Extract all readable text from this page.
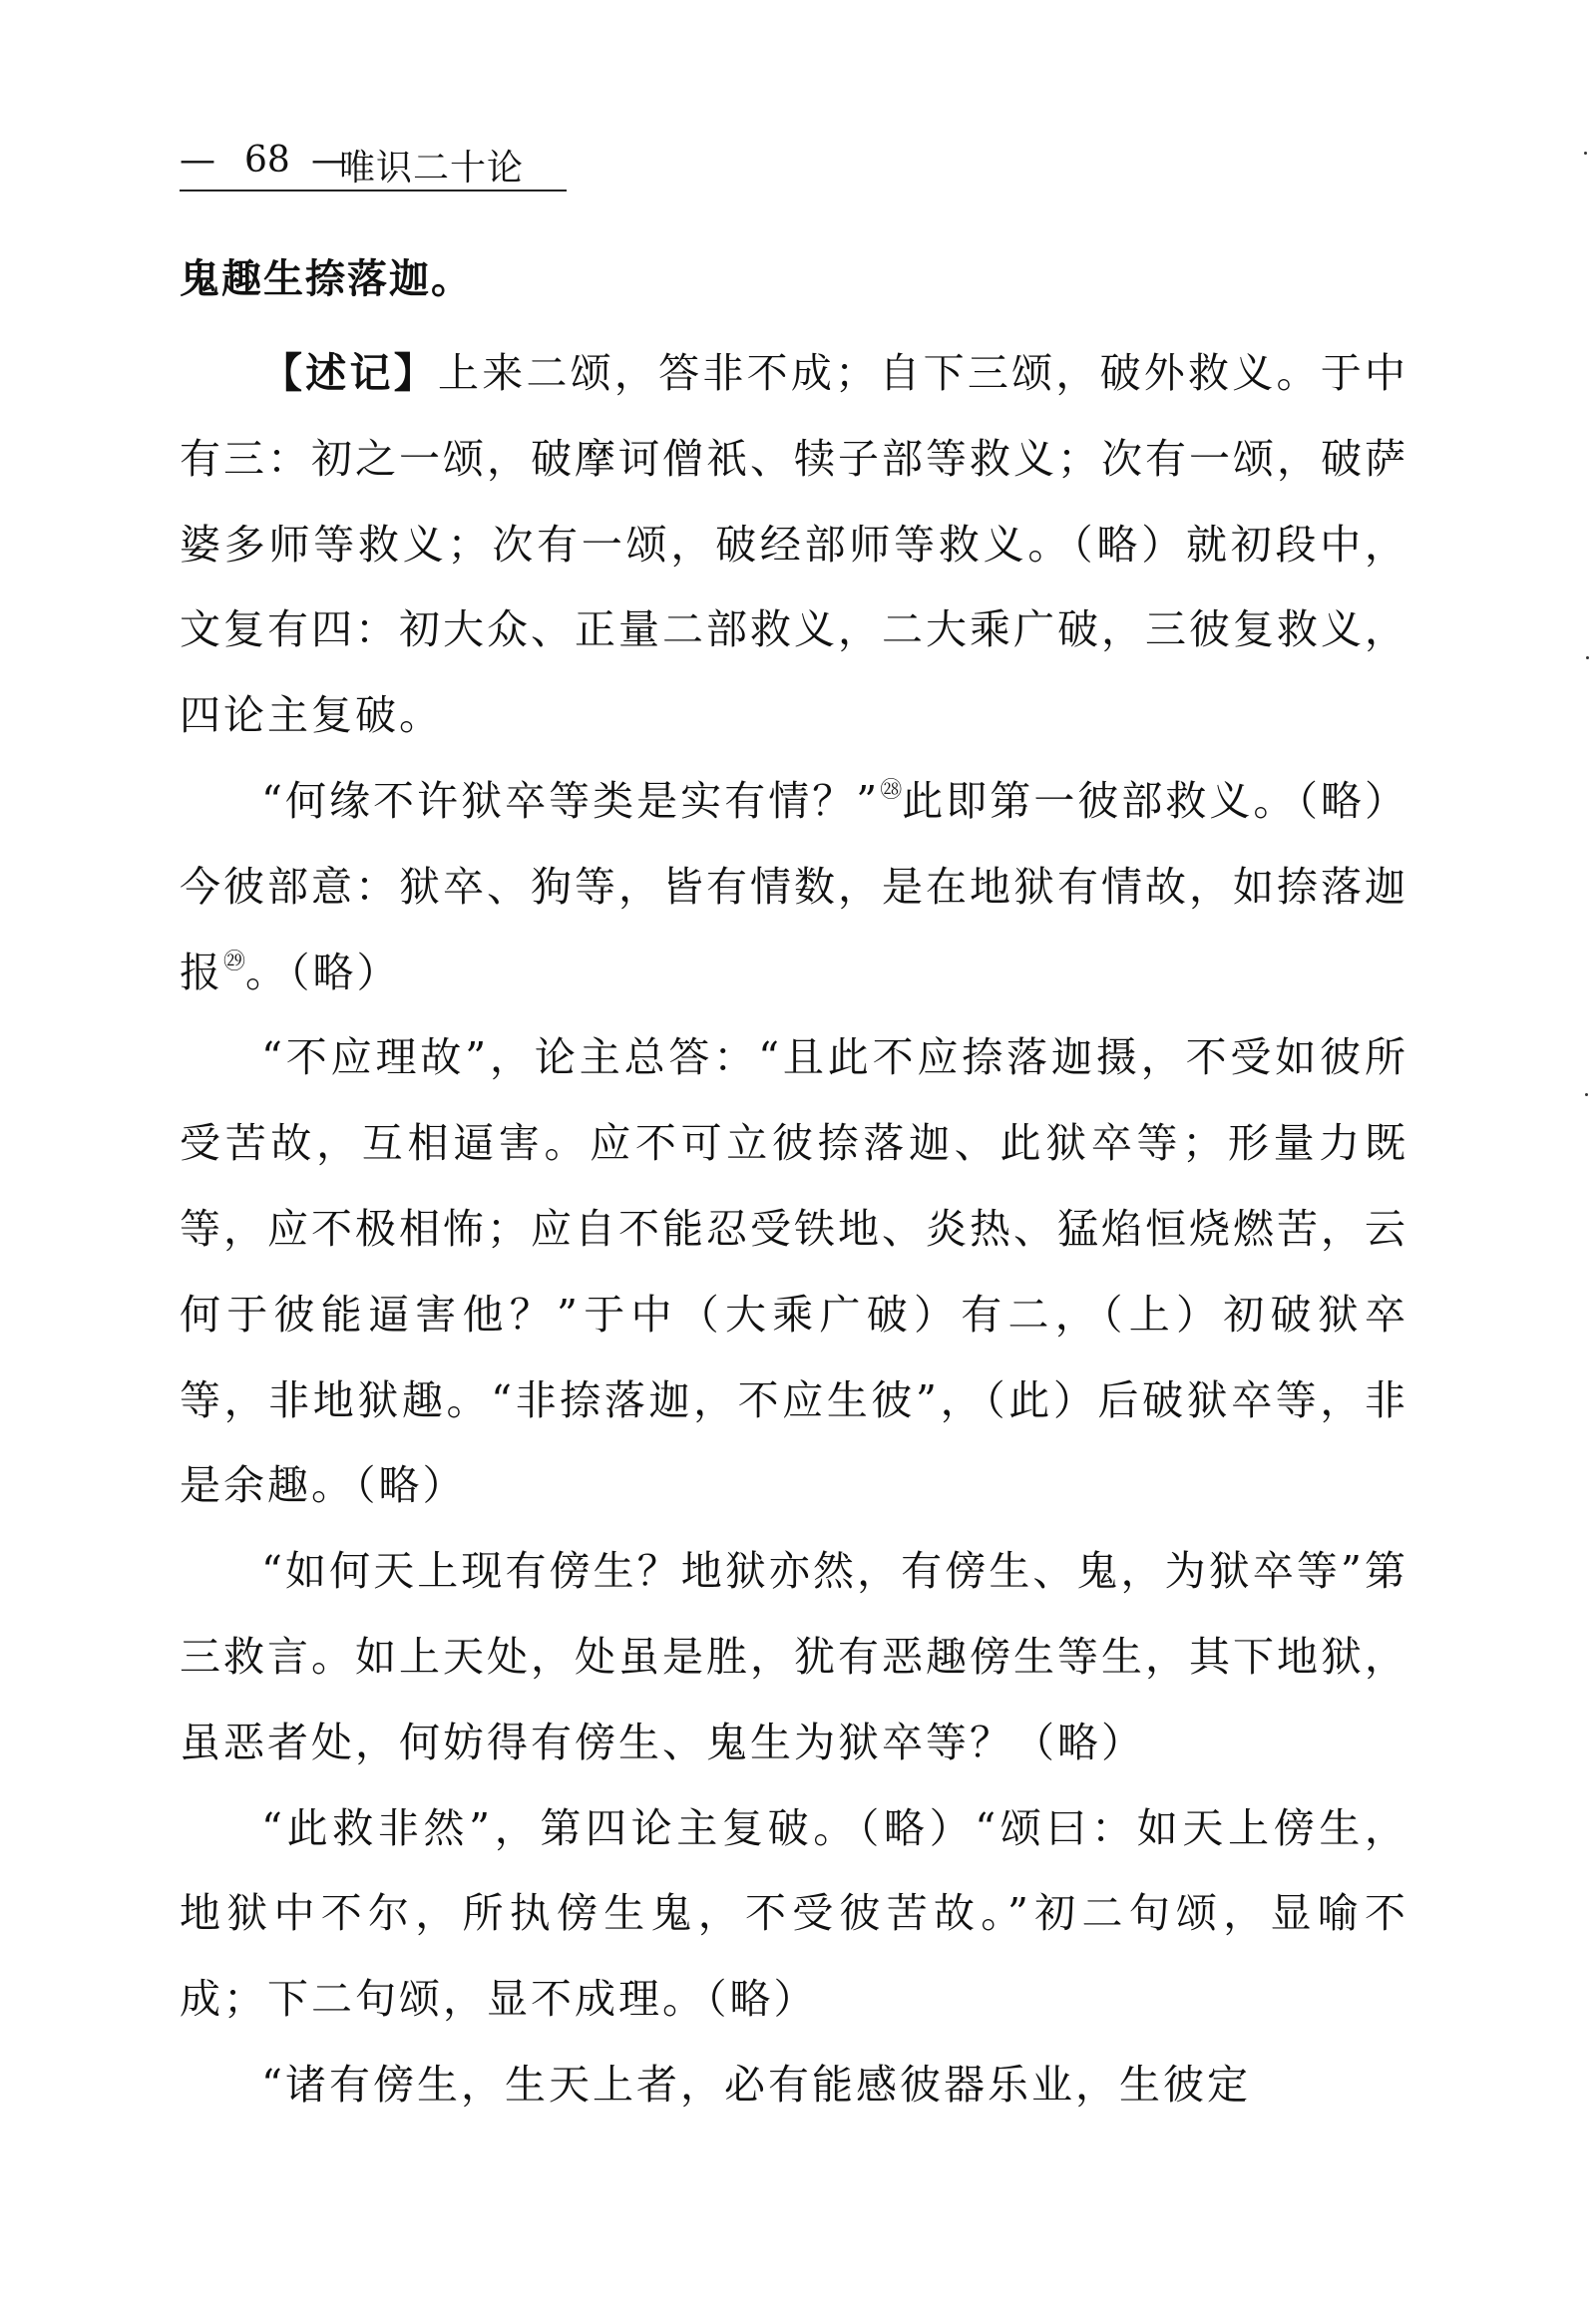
— 68 —
唯识二十论

鬼趣生捺落迦。

【述记】上来二颂，答非不成；自下三颂，破外救义。于中有三：初之一颂，破摩诃僧祇、犊子部等救义；次有一颂，破萨婆多师等救义；次有一颂，破经部师等救义。（略）就初段中，文复有四：初大众、正量二部救义，二大乘广破，三彼复救义，四论主复破。

“何缘不许狱卒等类是实有情？”$^㉘$此即第一彼部救义。（略）今彼部意：狱卒、狗等，皆有情数，是在地狱有情故，如捺落迦报$^㉙$。（略）

“不应理故”，论主总答：“且此不应捺落迦摄，不受如彼所受苦故，互相逼害。应不可立彼捺落迦、此狱卒等；形量力既等，应不极相怖；应自不能忍受铁地、炎热、猛焰恒烧燃苦，云何于彼能逼害他？”于中（大乘广破）有二，（上）初破狱卒等，非地狱趣。“非捺落迦，不应生彼”，（此）后破狱卒等，非是余趣。（略）

“如何天上现有傍生？地狱亦然，有傍生、鬼，为狱卒等”第三救言。如上天处，处虽是胜，犹有恶趣傍生等生，其下地狱，虽恶者处，何妨得有傍生、鬼生为狱卒等？（略）

“此救非然”，第四论主复破。（略）“颂曰：如天上傍生，地狱中不尔，所执傍生鬼，不受彼苦故。”初二句颂，显喻不成；下二句颂，显不成理。（略）

“诸有傍生，生天上者，必有能感彼器乐业，生彼定
